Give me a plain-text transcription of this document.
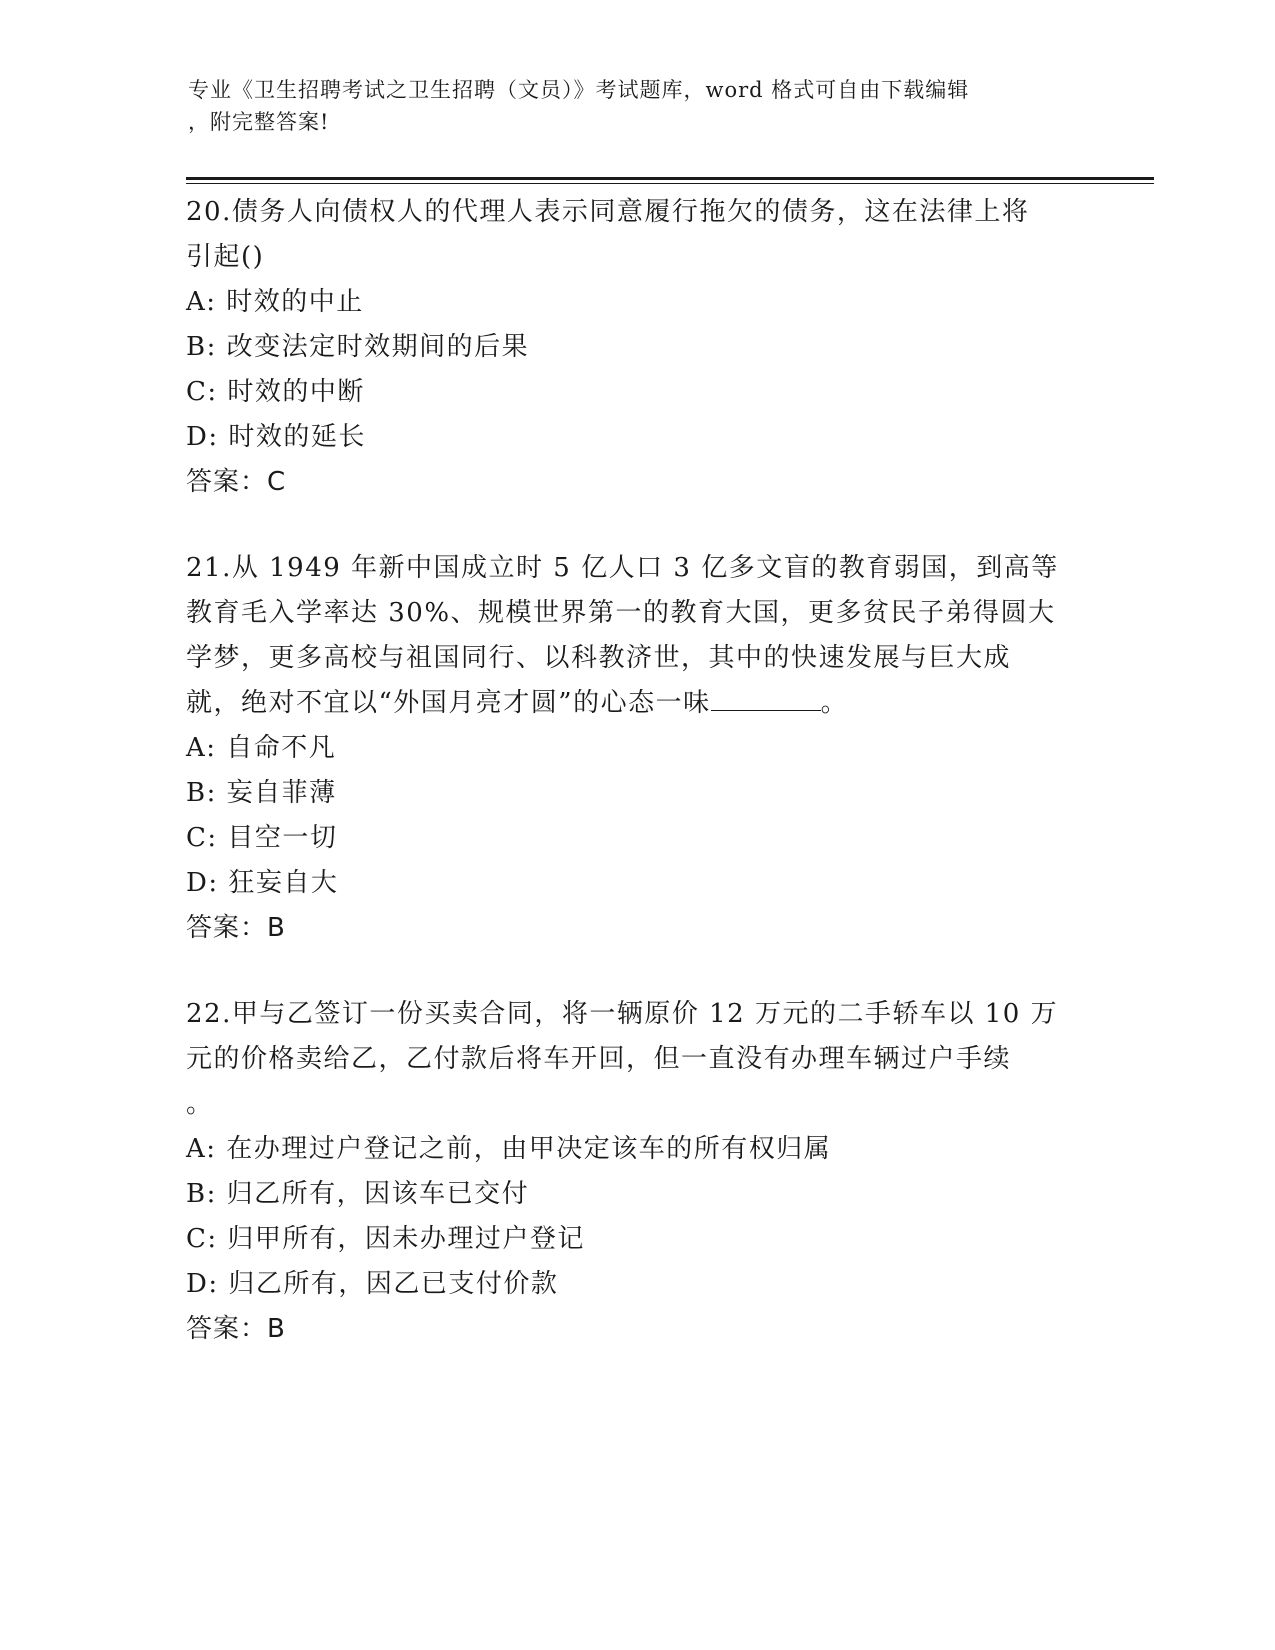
专业《卫生招聘考试之卫生招聘（文员）》考试题库，word 格式可自由下载编辑
，附完整答案!
20.债务人向债权人的代理人表示同意履行拖欠的债务，这在法律上将
引起()
A: 时效的中止
B: 改变法定时效期间的后果
C: 时效的中断
D: 时效的延长
答案：C
21.从 1949 年新中国成立时 5 亿人口 3 亿多文盲的教育弱国，到高等
教育毛入学率达 30%、规模世界第一的教育大国，更多贫民子弟得圆大
学梦，更多高校与祖国同行、以科教济世，其中的快速发展与巨大成
就，绝对不宜以“外国月亮才圆”的心态一味	。
A: 自命不凡
B: 妄自菲薄
C: 目空一切
D: 狂妄自大
答案：B
22.甲与乙签订一份买卖合同，将一辆原价 12 万元的二手轿车以 10 万
元的价格卖给乙，乙付款后将车开回，但一直没有办理车辆过户手续
。
A: 在办理过户登记之前，由甲决定该车的所有权归属
B: 归乙所有，因该车已交付
C: 归甲所有，因未办理过户登记
D: 归乙所有，因乙已支付价款
答案：B
